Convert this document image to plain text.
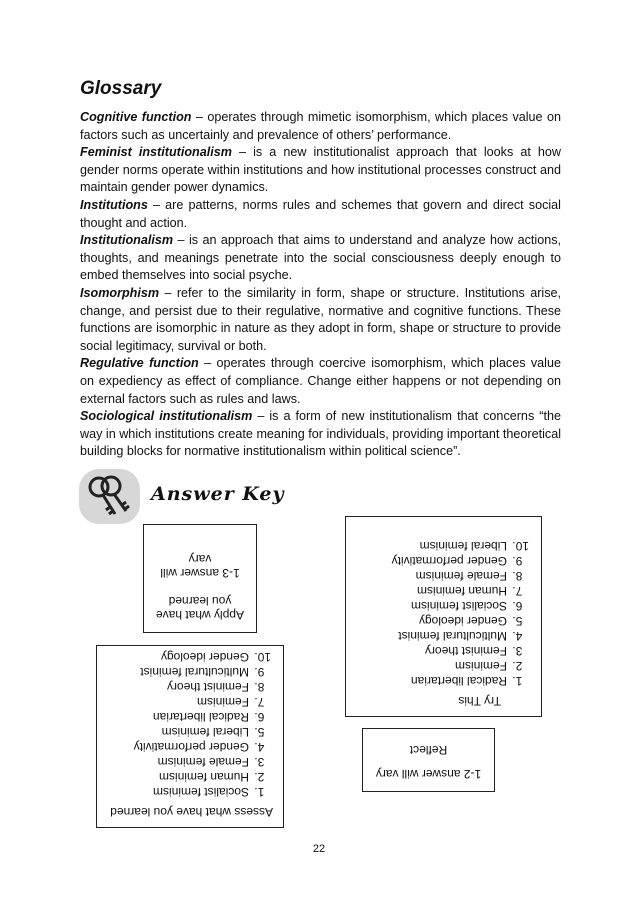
Glossary

Cognitive function – operates through mimetic isomorphism, which places value on factors such as uncertainly and prevalence of others’ performance.

Feminist institutionalism – is a new institutionalist approach that looks at how gender norms operate within institutions and how institutional processes construct and maintain gender power dynamics.

Institutions – are patterns, norms rules and schemes that govern and direct social thought and action.

Institutionalism – is an approach that aims to understand and analyze how actions, thoughts, and meanings penetrate into the social consciousness deeply enough to embed themselves into social psyche.

Isomorphism – refer to the similarity in form, shape or structure. Institutions arise, change, and persist due to their regulative, normative and cognitive functions. These functions are isomorphic in nature as they adopt in form, shape or structure to provide social legitimacy, survival or both.

Regulative function – operates through coercive isomorphism, which places value on expediency as effect of compliance. Change either happens or not depending on external factors such as rules and laws.

Sociological institutionalism – is a form of new institutionalism that concerns “the way in which institutions create meaning for individuals, providing important theoretical building blocks for normative institutionalism within political science”.

Answer Key
Apply what have
you learned
1-3 answer will vary
Try This
1. Radical libertarian
2. Feminism
3. Feminist theory
4. Multicultural feminist
5. Gender ideology
6. Socialist feminism
7. Human feminism
8. Female feminism
9. Gender performativity
10. Liberal feminism
Assess what have you learned
1. Socialist feminism
2. Human feminism
3. Female feminism
4. Gender performativity
5. Liberal feminism
6. Radical libertarian
7. Feminism
8. Feminist theory
9. Multicultural feminist
10. Gender ideology
1-2 answer will vary
Reflect

22
